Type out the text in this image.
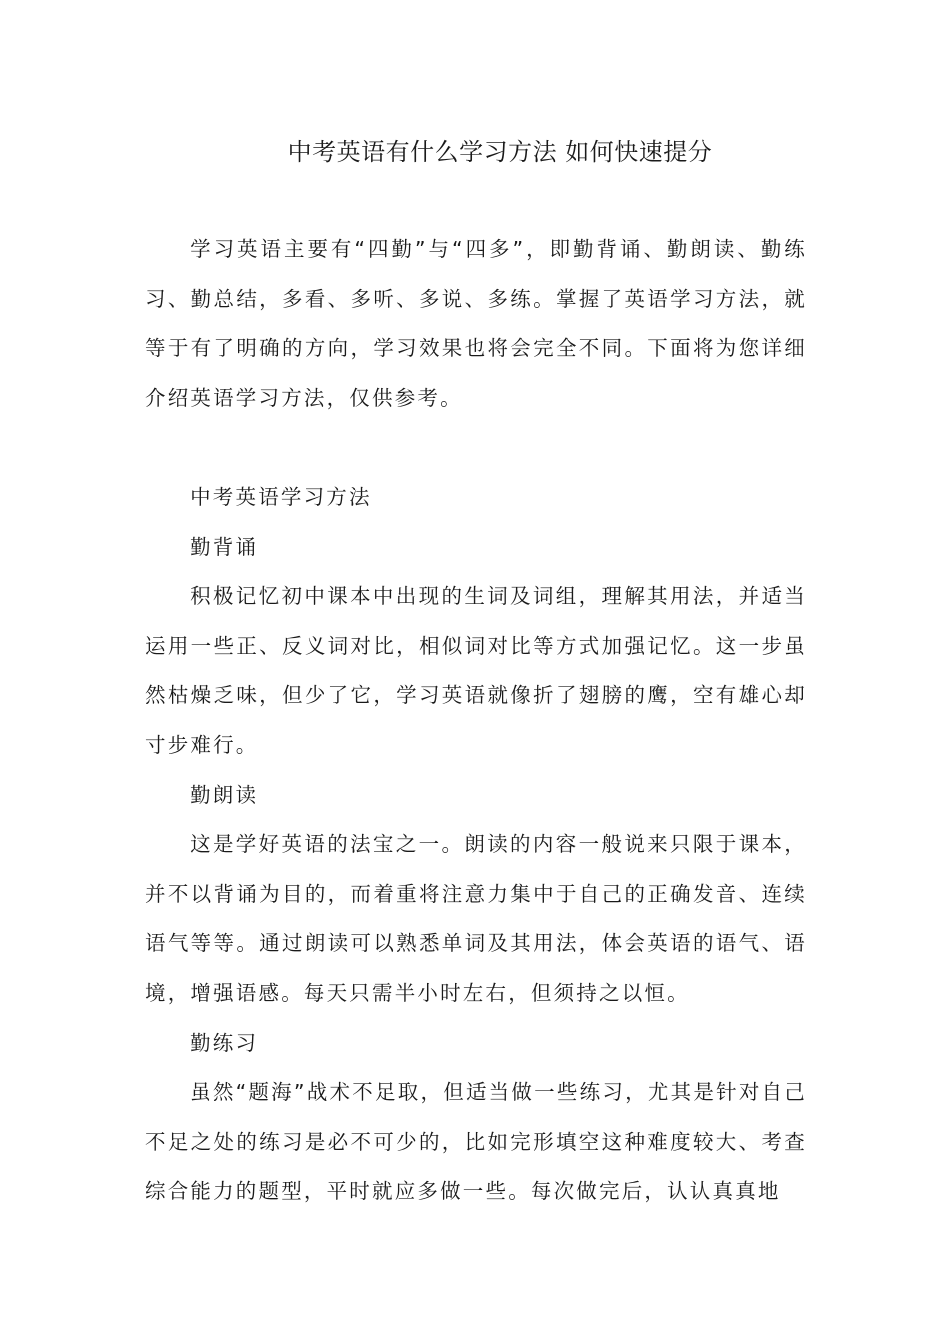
中考英语有什么学习方法 如何快速提分

学习英语主要有“四勤”与“四多”，即勤背诵、勤朗读、勤练习、勤总结，多看、多听、多说、多练。掌握了英语学习方法，就等于有了明确的方向，学习效果也将会完全不同。下面将为您详细介绍英语学习方法，仅供参考。

中考英语学习方法

勤背诵

积极记忆初中课本中出现的生词及词组，理解其用法，并适当运用一些正、反义词对比，相似词对比等方式加强记忆。这一步虽然枯燥乏味，但少了它，学习英语就像折了翅膀的鹰，空有雄心却寸步难行。

勤朗读

这是学好英语的法宝之一。朗读的内容一般说来只限于课本，并不以背诵为目的，而着重将注意力集中于自己的正确发音、连续语气等等。通过朗读可以熟悉单词及其用法，体会英语的语气、语境，增强语感。每天只需半小时左右，但须持之以恒。

勤练习

虽然“题海”战术不足取，但适当做一些练习，尤其是针对自己不足之处的练习是必不可少的，比如完形填空这种难度较大、考查综合能力的题型，平时就应多做一些。每次做完后，认认真真地
